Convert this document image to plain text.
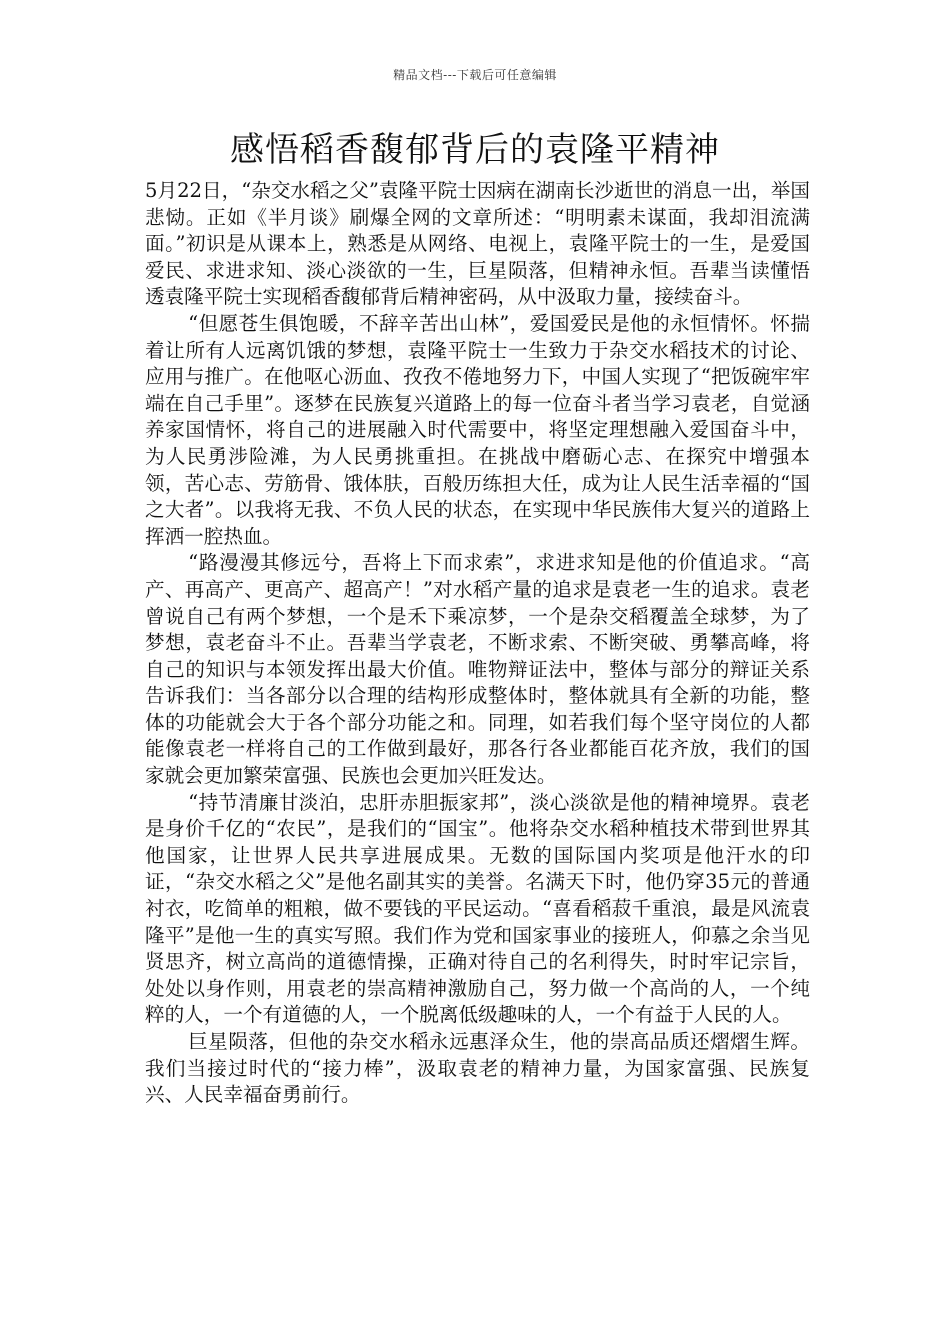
精品文档---下载后可任意编辑
感悟稻香馥郁背后的袁隆平精神

5月22日，“杂交水稻之父”袁隆平院士因病在湖南长沙逝世的消息一出，举国悲恸。正如《半月谈》刷爆全网的文章所述：“明明素未谋面，我却泪流满面。”初识是从课本上，熟悉是从网络、电视上，袁隆平院士的一生，是爱国爱民、求进求知、淡心淡欲的一生，巨星陨落，但精神永恒。吾辈当读懂悟透袁隆平院士实现稻香馥郁背后精神密码，从中汲取力量，接续奋斗。

“但愿苍生俱饱暖，不辞辛苦出山林”，爱国爱民是他的永恒情怀。怀揣着让所有人远离饥饿的梦想，袁隆平院士一生致力于杂交水稻技术的讨论、应用与推广。在他呕心沥血、孜孜不倦地努力下，中国人实现了“把饭碗牢牢端在自己手里”。逐梦在民族复兴道路上的每一位奋斗者当学习袁老，自觉涵养家国情怀，将自己的进展融入时代需要中，将坚定理想融入爱国奋斗中，为人民勇涉险滩，为人民勇挑重担。在挑战中磨砺心志、在探究中增强本领，苦心志、劳筋骨、饿体肤，百般历练担大任，成为让人民生活幸福的“国之大者”。以我将无我、不负人民的状态，在实现中华民族伟大复兴的道路上挥洒一腔热血。

“路漫漫其修远兮，吾将上下而求索”，求进求知是他的价值追求。“高产、再高产、更高产、超高产！”对水稻产量的追求是袁老一生的追求。袁老曾说自己有两个梦想，一个是禾下乘凉梦，一个是杂交稻覆盖全球梦，为了梦想，袁老奋斗不止。吾辈当学袁老，不断求索、不断突破、勇攀高峰，将自己的知识与本领发挥出最大价值。唯物辩证法中，整体与部分的辩证关系告诉我们：当各部分以合理的结构形成整体时，整体就具有全新的功能，整体的功能就会大于各个部分功能之和。同理，如若我们每个坚守岗位的人都能像袁老一样将自己的工作做到最好，那各行各业都能百花齐放，我们的国家就会更加繁荣富强、民族也会更加兴旺发达。

“持节清廉甘淡泊，忠肝赤胆振家邦”，淡心淡欲是他的精神境界。袁老是身价千亿的“农民”，是我们的“国宝”。他将杂交水稻种植技术带到世界其他国家，让世界人民共享进展成果。无数的国际国内奖项是他汗水的印证，“杂交水稻之父”是他名副其实的美誉。名满天下时，他仍穿35元的普通衬衣，吃简单的粗粮，做不要钱的平民运动。“喜看稻菽千重浪，最是风流袁隆平”是他一生的真实写照。我们作为党和国家事业的接班人，仰慕之余当见贤思齐，树立高尚的道德情操，正确对待自己的名利得失，时时牢记宗旨，处处以身作则，用袁老的崇高精神激励自己，努力做一个高尚的人，一个纯粹的人，一个有道德的人，一个脱离低级趣味的人，一个有益于人民的人。

巨星陨落，但他的杂交水稻永远惠泽众生，他的崇高品质还熠熠生辉。我们当接过时代的“接力棒”，汲取袁老的精神力量，为国家富强、民族复兴、人民幸福奋勇前行。
